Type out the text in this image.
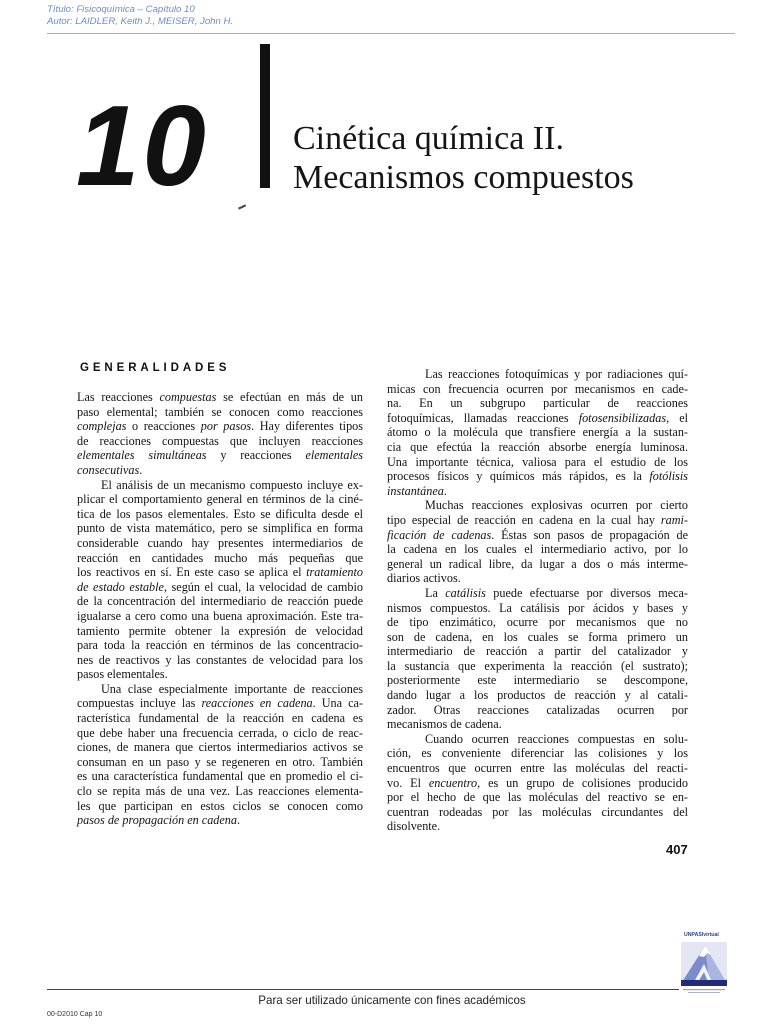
Título: Fisicoquímica – Capítulo 10
Autor: LAIDLER, Keith J., MEISER, John H.
10 Cinética química II.
Mecanismos compuestos
GENERALIDADES
Las reacciones compuestas se efectúan en más de un
paso elemental; también se conocen como reacciones
complejas o reacciones por pasos. Hay diferentes tipos
de reacciones compuestas que incluyen reacciones
elementales simultáneas y reacciones elementales
consecutivas.
El análisis de un mecanismo compuesto incluye ex-
plicar el comportamiento general en términos de la ciné-
tica de los pasos elementales. Esto se dificulta desde el
punto de vista matemático, pero se simplifica en forma
considerable cuando hay presentes intermediarios de
reacción en cantidades mucho más pequeñas que
los reactivos en sí. En este caso se aplica el tratamiento
de estado estable, según el cual, la velocidad de cambio
de la concentración del intermediario de reacción puede
igualarse a cero como una buena aproximación. Este tra-
tamiento permite obtener la expresión de velocidad
para toda la reacción en términos de las concentracio-
nes de reactivos y las constantes de velocidad para los
pasos elementales.
Una clase especialmente importante de reacciones
compuestas incluye las reacciones en cadena. Una ca-
racterística fundamental de la reacción en cadena es
que debe haber una frecuencia cerrada, o ciclo de reac-
ciones, de manera que ciertos intermediarios activos se
consuman en un paso y se regeneren en otro. También
es una característica fundamental que en promedio el ci-
clo se repita más de una vez. Las reacciones elementa-
les que participan en estos ciclos se conocen como
pasos de propagación en cadena.
Las reacciones fotoquímicas y por radiaciones quí-
micas con frecuencia ocurren por mecanismos en cade-
na. En un subgrupo particular de reacciones
fotoquímicas, llamadas reacciones fotosensibilizadas, el
átomo o la molécula que transfiere energía a la sustan-
cia que efectúa la reacción absorbe energía luminosa.
Una importante técnica, valiosa para el estudio de los
procesos físicos y químicos más rápidos, es la fotólisis
instantánea.
Muchas reacciones explosivas ocurren por cierto
tipo especial de reacción en cadena en la cual hay rami-
ficación de cadenas. Éstas son pasos de propagación de
la cadena en los cuales el intermediario activo, por lo
general un radical libre, da lugar a dos o más interme-
diarios activos.
La catálisis puede efectuarse por diversos meca-
nismos compuestos. La catálisis por ácidos y bases y
de tipo enzimático, ocurre por mecanismos que no
son de cadena, en los cuales se forma primero un
intermediario de reacción a partir del catalizador y
la sustancia que experimenta la reacción (el sustrato);
posteriormente este intermediario se descompone,
dando lugar a los productos de reacción y al catali-
zador. Otras reacciones catalizadas ocurren por
mecanismos de cadena.
Cuando ocurren reacciones compuestas en solu-
ción, es conveniente diferenciar las colisiones y los
encuentros que ocurren entre las moléculas del reacti-
vo. El encuentro, es un grupo de colisiones producido
por el hecho de que las moléculas del reactivo se en-
cuentran rodeadas por las moléculas circundantes del
disolvente.
407
UNPASIvirtual
Para ser utilizado únicamente con fines académicos
00-D2010 Cap 10
